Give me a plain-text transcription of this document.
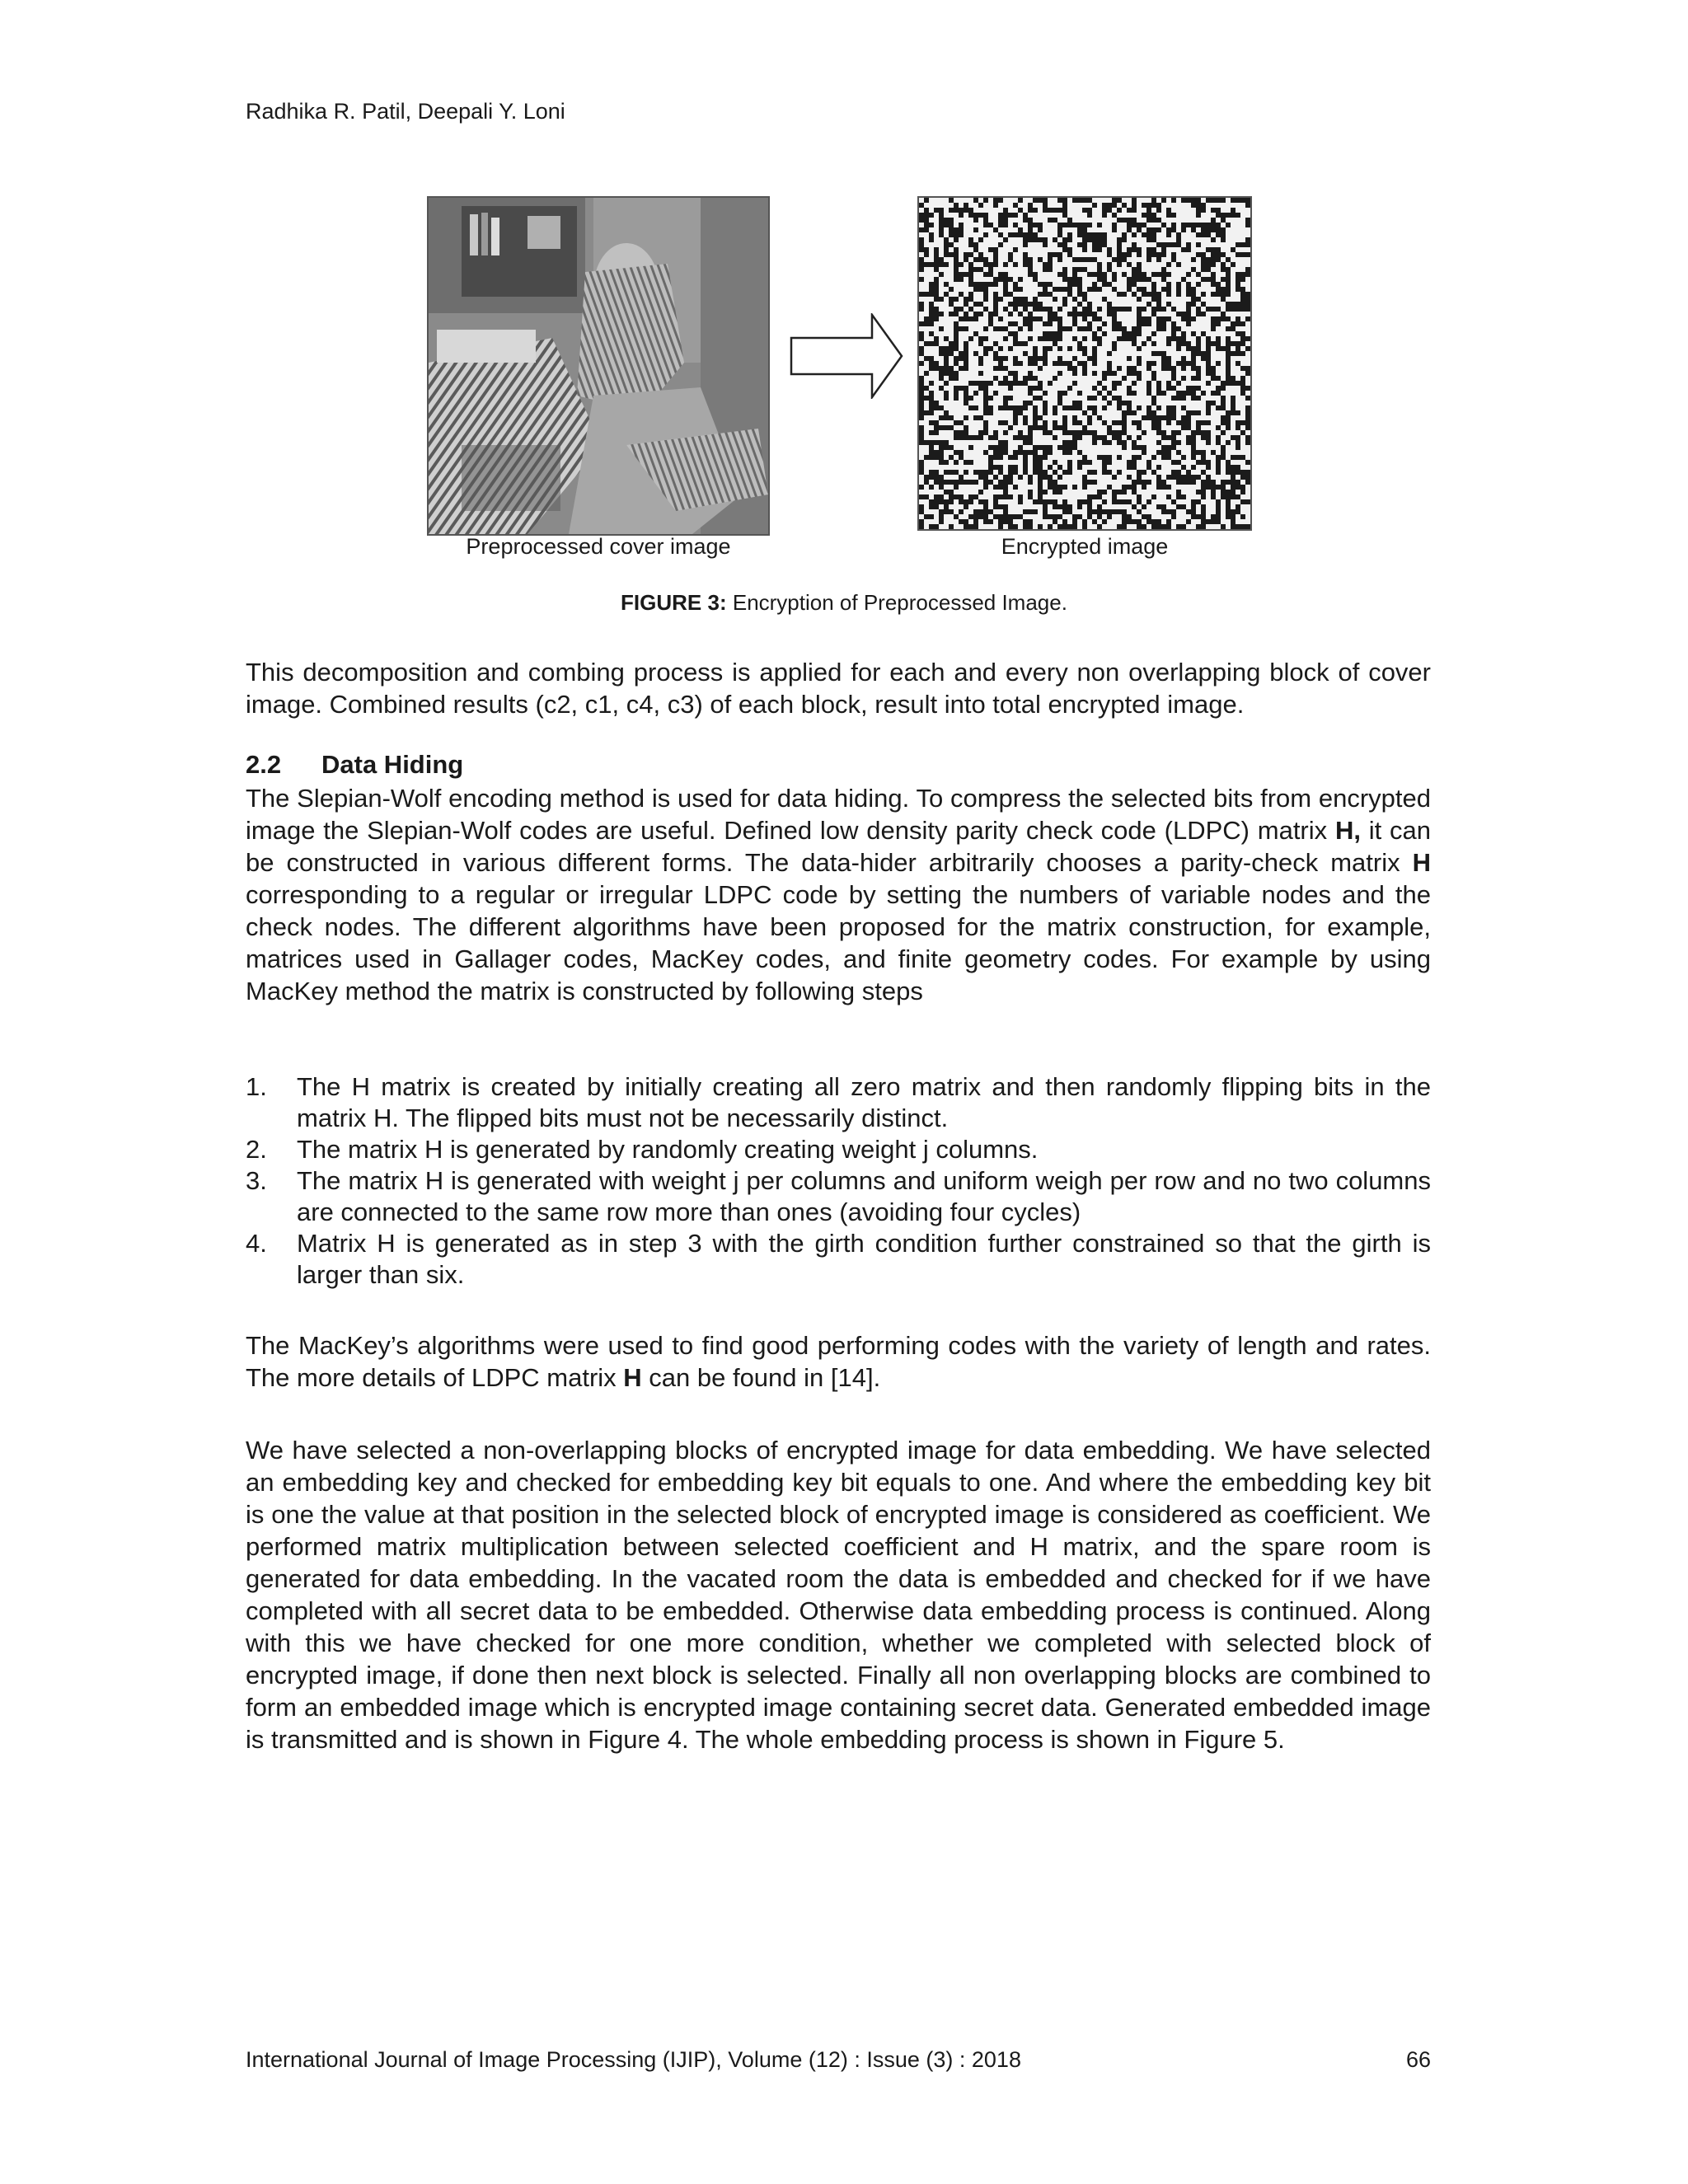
Radhika R. Patil, Deepali Y. Loni
Preprocessed cover image	Encrypted image
FIGURE 3: Encryption of Preprocessed Image.

This decomposition and combing process is applied for each and every non overlapping block of cover image. Combined results (c2, c1, c4, c3) of each block, result into total encrypted image.

2.2 Data Hiding

The Slepian-Wolf encoding method is used for data hiding. To compress the selected bits from encrypted image the Slepian-Wolf codes are useful. Defined low density parity check code (LDPC) matrix H, it can be constructed in various different forms. The data-hider arbitrarily chooses a parity-check matrix H corresponding to a regular or irregular LDPC code by setting the numbers of variable nodes and the check nodes. The different algorithms have been proposed for the matrix construction, for example, matrices used in Gallager codes, MacKey codes, and finite geometry codes. For example by using MacKey method the matrix is constructed by following steps

1. The H matrix is created by initially creating all zero matrix and then randomly flipping bits in the matrix H. The flipped bits must not be necessarily distinct.
2. The matrix H is generated by randomly creating weight j columns.
3. The matrix H is generated with weight j per columns and uniform weigh per row and no two columns are connected to the same row more than ones (avoiding four cycles)
4. Matrix H is generated as in step 3 with the girth condition further constrained so that the girth is larger than six.

The MacKey’s algorithms were used to find good performing codes with the variety of length and rates. The more details of LDPC matrix H can be found in [14].

We have selected a non-overlapping blocks of encrypted image for data embedding. We have selected an embedding key and checked for embedding key bit equals to one. And where the embedding key bit is one the value at that position in the selected block of encrypted image is considered as coefficient. We performed matrix multiplication between selected coefficient and H matrix, and the spare room is generated for data embedding. In the vacated room the data is embedded and checked for if we have completed with all secret data to be embedded. Otherwise data embedding process is continued. Along with this we have checked for one more condition, whether we completed with selected block of encrypted image, if done then next block is selected. Finally all non overlapping blocks are combined to form an embedded image which is encrypted image containing secret data. Generated embedded image is transmitted and is shown in Figure 4. The whole embedding process is shown in Figure 5.

International Journal of Image Processing (IJIP), Volume (12) : Issue (3) : 2018	66
